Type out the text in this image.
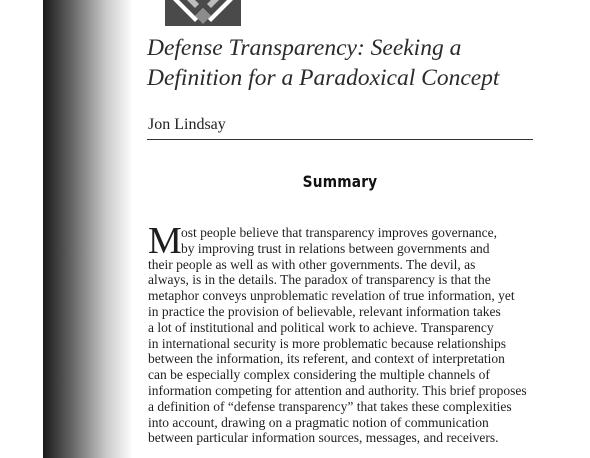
Defense Transparency: Seeking a
Definition for a Paradoxical Concept
Jon Lindsay
Summary
M ost people believe that transparency improves governance,
by improving trust in relations between governments and
their people as well as with other governments. The devil, as
always, is in the details. The paradox of transparency is that the
metaphor conveys unproblematic revelation of true information, yet
in practice the provision of believable, relevant information takes
a lot of institutional and political work to achieve. Transparency
in international security is more problematic because relationships
between the information, its referent, and context of interpretation
can be especially complex considering the multiple channels of
information competing for attention and authority. This brief proposes
a definition of “defense transparency” that takes these complexities
into account, drawing on a pragmatic notion of communication
between particular information sources, messages, and receivers.
